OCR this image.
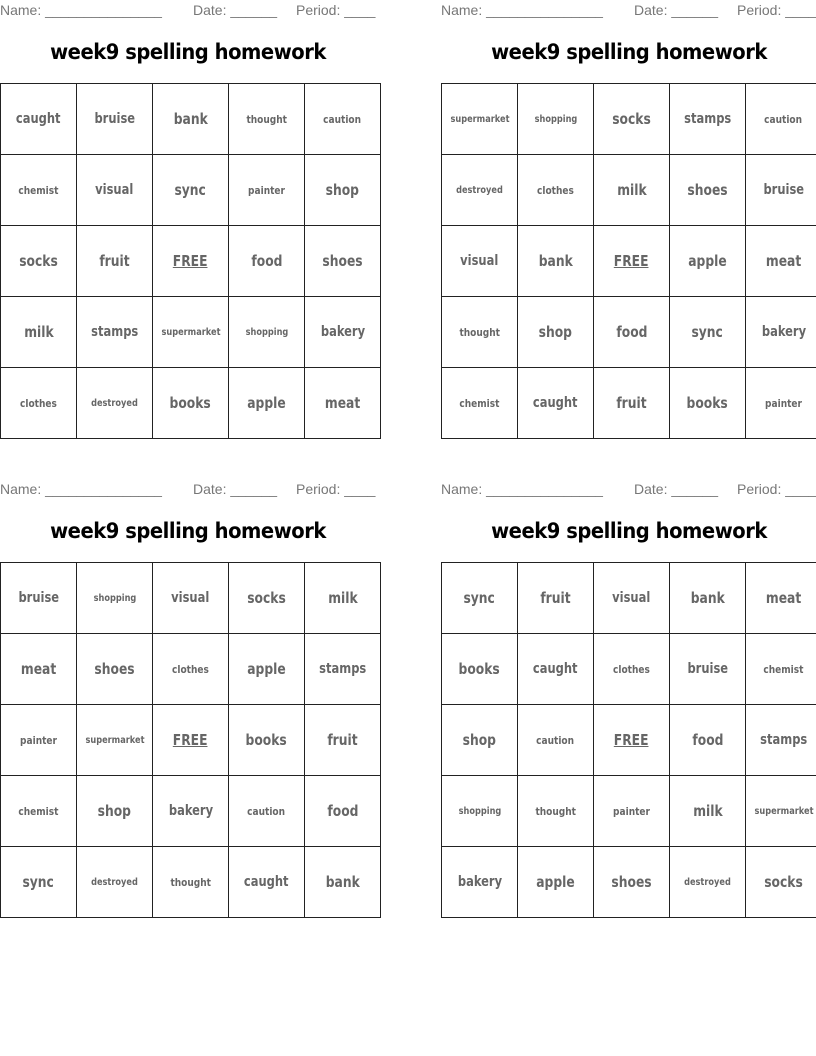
Name: _______________ Date: ______ Period: ____
week9 spelling homework
caught	bruise	bank	thought	caution
chemist	visual	sync	painter	shop
socks	fruit	FREE	food	shoes
milk	stamps	supermarket	shopping	bakery
clothes	destroyed	books	apple	meat
Name: _______________ Date: ______ Period: ____
week9 spelling homework
supermarket	shopping	socks	stamps	caution
destroyed	clothes	milk	shoes	bruise
visual	bank	FREE	apple	meat
thought	shop	food	sync	bakery
chemist	caught	fruit	books	painter
Name: _______________ Date: ______ Period: ____
week9 spelling homework
bruise	shopping	visual	socks	milk
meat	shoes	clothes	apple	stamps
painter	supermarket	FREE	books	fruit
chemist	shop	bakery	caution	food
sync	destroyed	thought	caught	bank
Name: _______________ Date: ______ Period: ____
week9 spelling homework
sync	fruit	visual	bank	meat
books	caught	clothes	bruise	chemist
shop	caution	FREE	food	stamps
shopping	thought	painter	milk	supermarket
bakery	apple	shoes	destroyed	socks
